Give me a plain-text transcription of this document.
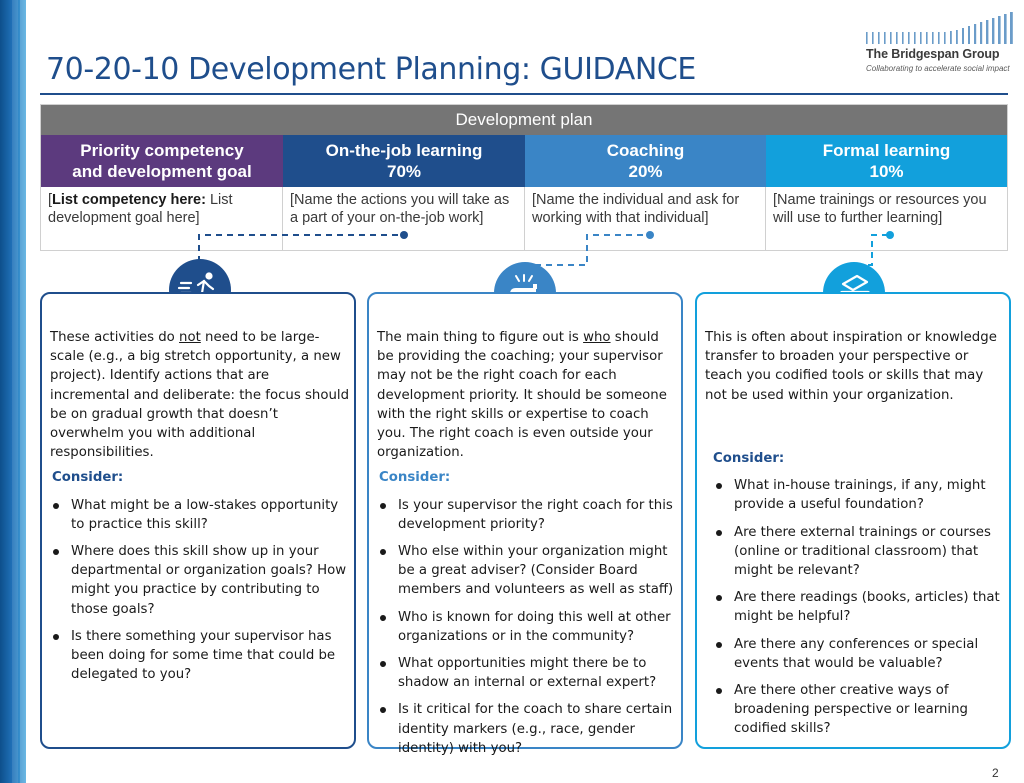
70-20-10 Development Planning: GUIDANCE	The Bridgespan Group
Collaborating to accelerate social impact
Development plan
Priority competency
and development goal
On-the-job learning
70%
Coaching
20%
Formal learning
10%
[List competency here: List development goal here]
[Name the actions you will take as a part of your on-the-job work]
[Name the individual and ask for working with that individual]
[Name trainings or resources you will use to further learning]
These activities do not need to be large-scale (e.g., a big stretch opportunity, a new project). Identify actions that are incremental and deliberate: the focus should be on gradual growth that doesn’t overwhelm you with additional responsibilities.
Consider:
What might be a low-stakes opportunity to practice this skill?
Where does this skill show up in your departmental or organization goals? How might you practice by contributing to those goals?
Is there something your supervisor has been doing for some time that could be delegated to you?
The main thing to figure out is who should be providing the coaching; your supervisor may not be the right coach for each development priority. It should be someone with the right skills or expertise to coach you. The right coach is even outside your organization.
Consider:
Is your supervisor the right coach for this development priority?
Who else within your organization might be a great adviser? (Consider Board members and volunteers as well as staff)
Who is known for doing this well at other organizations or in the community?
What opportunities might there be to shadow an internal or external expert?
Is it critical for the coach to share certain identity markers (e.g., race, gender identity) with you?
This is often about inspiration or knowledge transfer to broaden your perspective or teach you codified tools or skills that may not be used within your organization.
Consider:
What in-house trainings, if any, might provide a useful foundation?
Are there external trainings or courses (online or traditional classroom) that might be relevant?
Are there readings (books, articles) that might be helpful?
Are there any conferences or special events that would be valuable?
Are there other creative ways of broadening perspective or learning codified skills?
2
